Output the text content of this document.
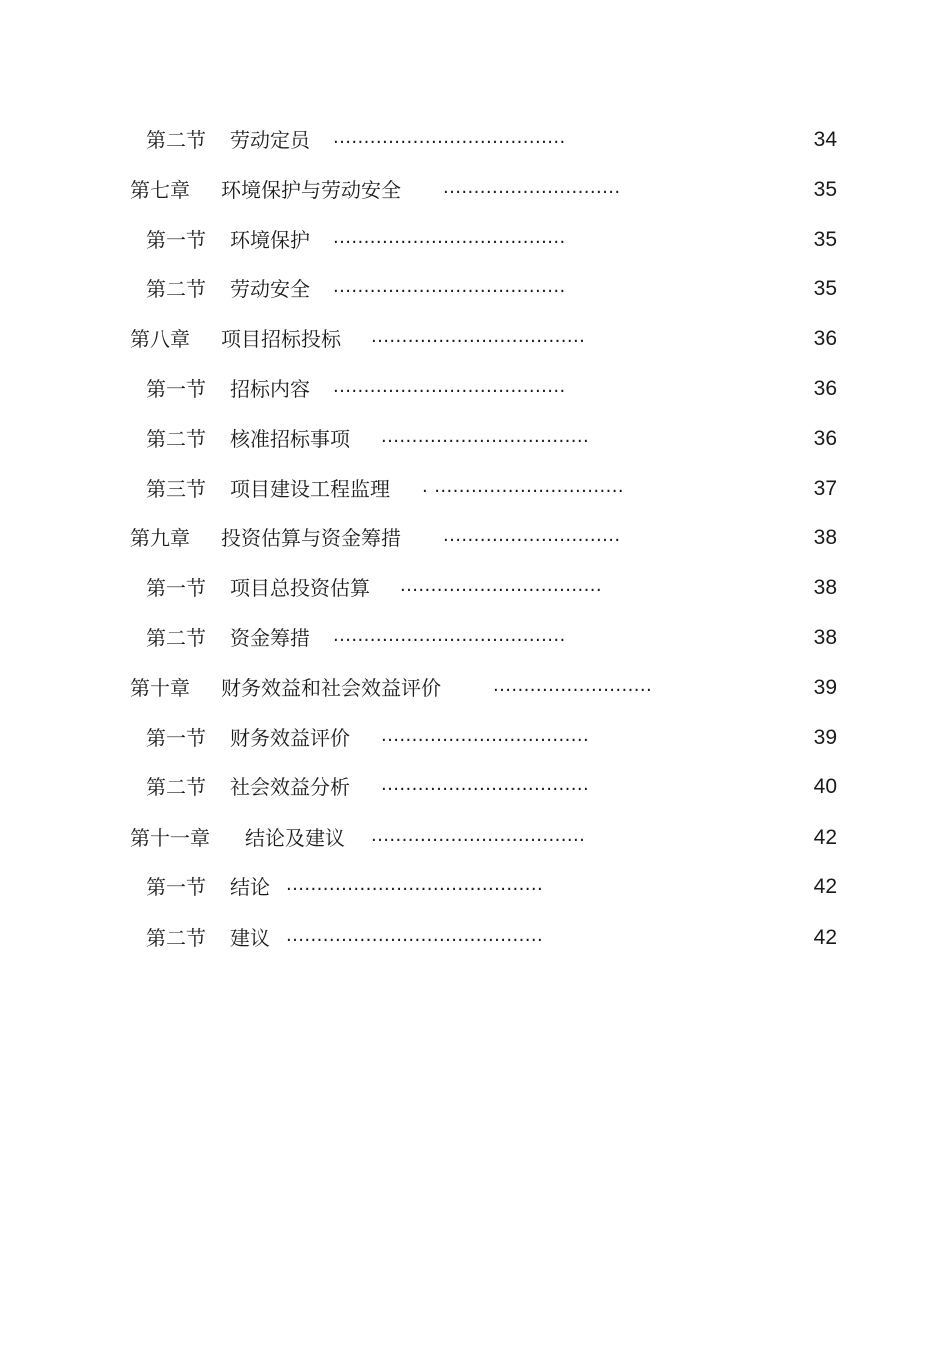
第二节 劳动定员 ......................................	34
第七章 环境保护与劳动安全 .............................	35
第一节 环境保护 ......................................	35
第二节 劳动安全 ......................................	35
第八章 项目招标投标 ...................................	36
第一节 招标内容 ......................................	36
第二节 核准招标事项 ..................................	36
第三节 项目建设工程监理 . ...............................	37
第九章 投资估算与资金筹措 .............................	38
第一节 项目总投资估算 .................................	38
第二节 资金筹措 ......................................	38
第十章 财务效益和社会效益评价	..........................	39
第一节 财务效益评价 ..................................	39
第二节 社会效益分析 ..................................	40
第十一章 结论及建议 ...................................	42
第一节 结论 ..........................................	42
第二节 建议 ..........................................	42
